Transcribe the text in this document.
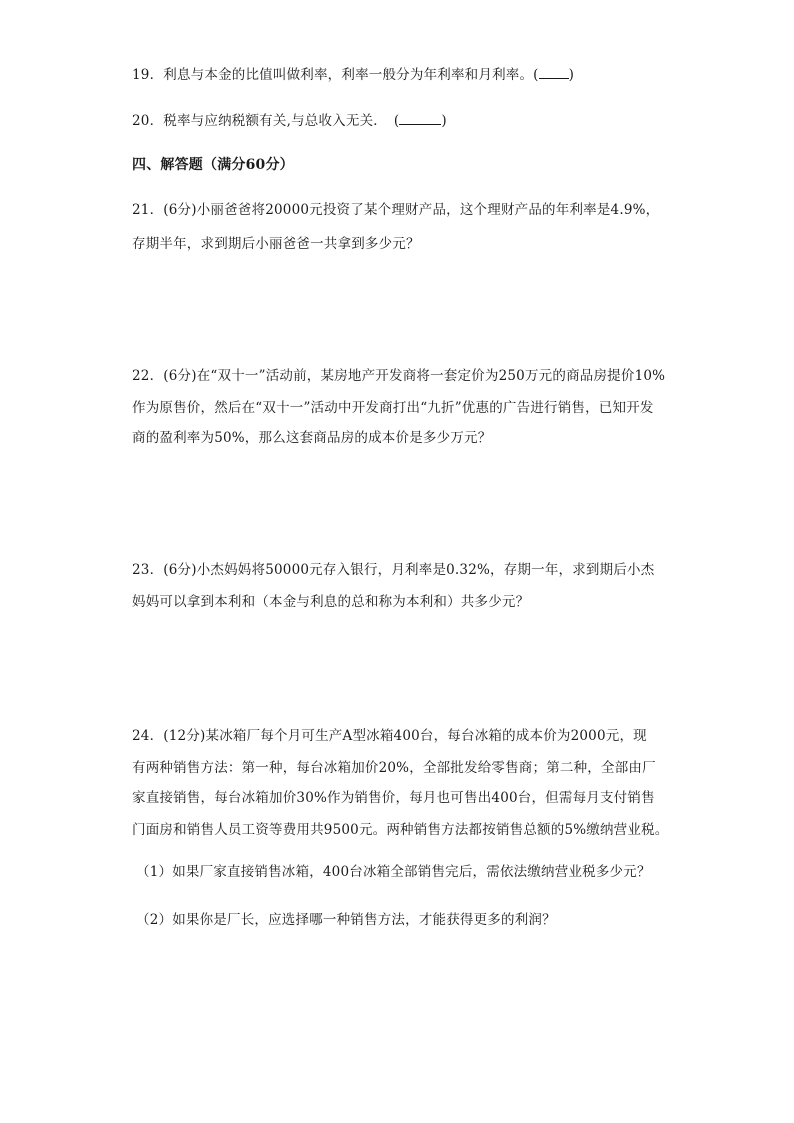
19．利息与本金的比值叫做利率，利率一般分为年利率和月利率。( )
20．税率与应纳税额有关,与总收入无关．　(	)
四、解答题（满分60分）
21．(6分)小丽爸爸将20000元投资了某个理财产品，这个理财产品的年利率是4.9%，
存期半年，求到期后小丽爸爸一共拿到多少元？
22．(6分)在“双十一”活动前，某房地产开发商将一套定价为250万元的商品房提价10%
作为原售价，然后在“双十一”活动中开发商打出“九折”优惠的广告进行销售，已知开发
商的盈利率为50%，那么这套商品房的成本价是多少万元？
23．(6分)小杰妈妈将50000元存入银行，月利率是0.32%，存期一年，求到期后小杰
妈妈可以拿到本利和（本金与利息的总和称为本利和）共多少元？
24．(12分)某冰箱厂每个月可生产A型冰箱400台，每台冰箱的成本价为2000元，现
有两种销售方法：第一种，每台冰箱加价20%，全部批发给零售商；第二种，全部由厂
家直接销售，每台冰箱加价30%作为销售价，每月也可售出400台，但需每月支付销售
门面房和销售人员工资等费用共9500元。两种销售方法都按销售总额的5%缴纳营业税。
（1）如果厂家直接销售冰箱，400台冰箱全部销售完后，需依法缴纳营业税多少元？
（2）如果你是厂长，应选择哪一种销售方法，才能获得更多的利润？
